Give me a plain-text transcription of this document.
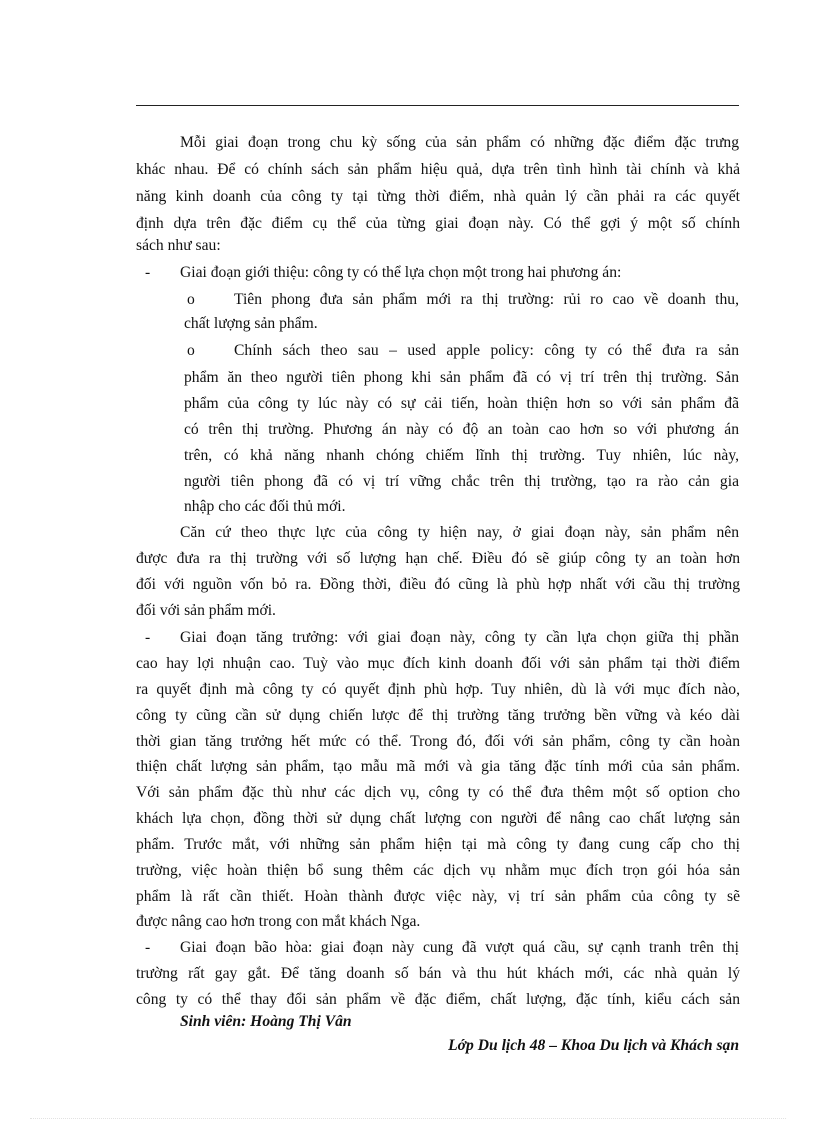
Mỗi giai đoạn trong chu kỳ sống của sản phẩm có những đặc điểm đặc trưng
khác nhau. Để có chính sách sản phẩm hiệu quả, dựa trên tình hình tài chính và khả
năng kinh doanh của công ty tại từng thời điểm, nhà quản lý cần phải ra các quyết
định dựa trên đặc điểm cụ thể của từng giai đoạn này. Có thể gợi ý một số chính
sách như sau:
- Giai đoạn giới thiệu: công ty có thể lựa chọn một trong hai phương án:
o	Tiên phong đưa sản phẩm mới ra thị trường: rủi ro cao về doanh thu,
chất lượng sản phẩm.
o	Chính sách theo sau – used apple policy: công ty có thể đưa ra sản
phẩm ăn theo người tiên phong khi sản phẩm đã có vị trí trên thị trường. Sản
phẩm của công ty lúc này có sự cải tiến, hoàn thiện hơn so với sản phẩm đã
có trên thị trường. Phương án này có độ an toàn cao hơn so với phương án
trên, có khả năng nhanh chóng chiếm lĩnh thị trường. Tuy nhiên, lúc này,
người tiên phong đã có vị trí vững chắc trên thị trường, tạo ra rào cản gia
nhập cho các đối thủ mới.
Căn cứ theo thực lực của công ty hiện nay, ở giai đoạn này, sản phẩm nên
được đưa ra thị trường với số lượng hạn chế. Điều đó sẽ giúp công ty an toàn hơn
đối với nguồn vốn bỏ ra. Đồng thời, điều đó cũng là phù hợp nhất với cầu thị trường
đối với sản phẩm mới.
- Giai đoạn tăng trưởng: với giai đoạn này, công ty cần lựa chọn giữa thị phần
cao hay lợi nhuận cao. Tuỳ vào mục đích kinh doanh đối với sản phẩm tại thời điểm
ra quyết định mà công ty có quyết định phù hợp. Tuy nhiên, dù là với mục đích nào,
công ty cũng cần sử dụng chiến lược để thị trường tăng trưởng bền vững và kéo dài
thời gian tăng trưởng hết mức có thể. Trong đó, đối với sản phẩm, công ty cần hoàn
thiện chất lượng sản phẩm, tạo mẫu mã mới và gia tăng đặc tính mới của sản phẩm.
Với sản phẩm đặc thù như các dịch vụ, công ty có thể đưa thêm một số option cho
khách lựa chọn, đồng thời sử dụng chất lượng con người để nâng cao chất lượng sản
phẩm. Trước mắt, với những sản phẩm hiện tại mà công ty đang cung cấp cho thị
trường, việc hoàn thiện bổ sung thêm các dịch vụ nhằm mục đích trọn gói hóa sản
phẩm là rất cần thiết. Hoàn thành được việc này, vị trí sản phẩm của công ty sẽ
được nâng cao hơn trong con mắt khách Nga.
- Giai đoạn bão hòa: giai đoạn này cung đã vượt quá cầu, sự cạnh tranh trên thị
trường rất gay gắt. Để tăng doanh số bán và thu hút khách mới, các nhà quản lý
công ty có thể thay đổi sản phẩm về đặc điểm, chất lượng, đặc tính, kiểu cách sản
Sinh viên: Hoàng Thị Vân
Lớp Du lịch 48 – Khoa Du lịch và Khách sạn
